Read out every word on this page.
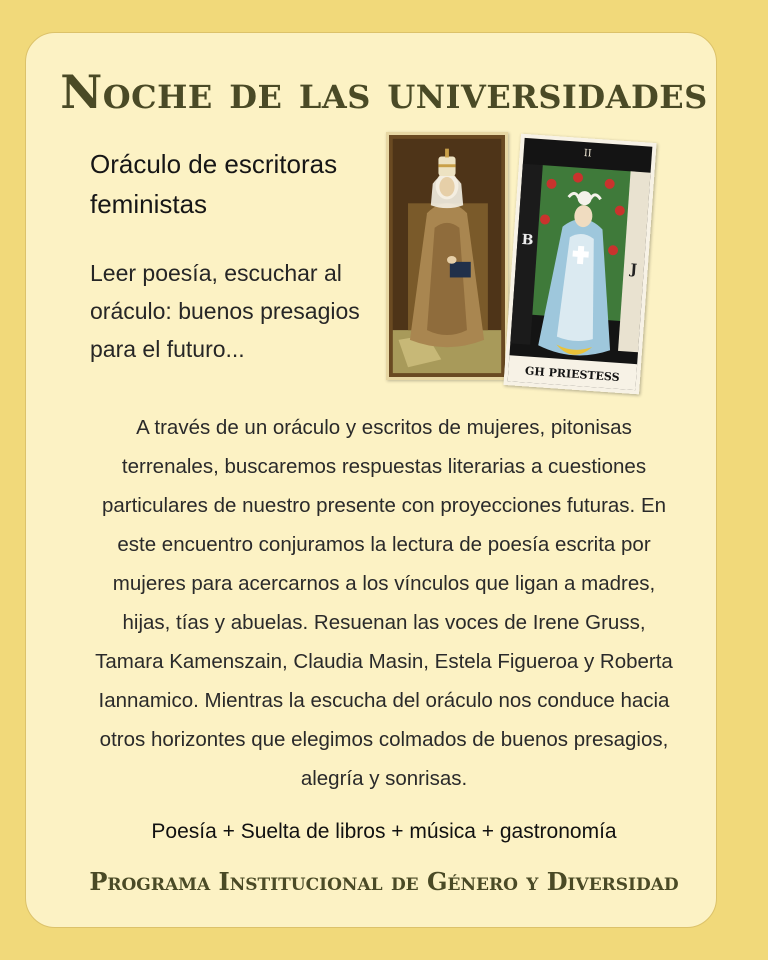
Noche de las universidades
Oráculo de escritoras feministas
Leer poesía, escuchar al oráculo: buenos presagios para el futuro...
II
B
J
GH PRIESTESS
A través de un oráculo y escritos de mujeres, pitonisas terrenales, buscaremos respuestas literarias a cuestiones particulares de nuestro presente con proyecciones futuras. En este encuentro conjuramos la lectura de poesía escrita por mujeres para acercarnos a los vínculos que ligan a madres, hijas, tías y abuelas. Resuenan las voces de Irene Gruss, Tamara Kamenszain, Claudia Masin, Estela Figueroa y Roberta Iannamico. Mientras la escucha del oráculo nos conduce hacia otros horizontes que elegimos colmados de buenos presagios, alegría y sonrisas.
Poesía + Suelta de libros + música + gastronomía
Programa Institucional de Género y Diversidad
